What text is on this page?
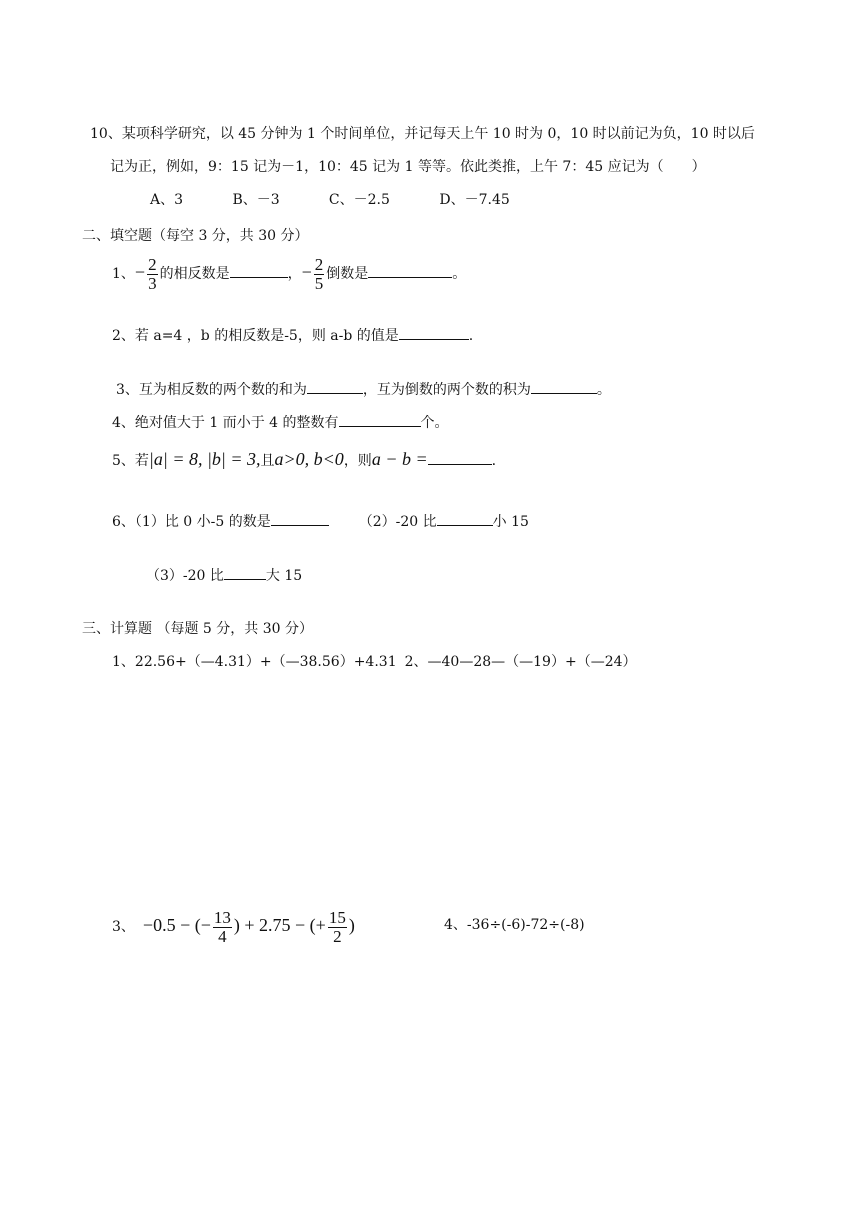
10、某项科学研究，以 45 分钟为 1 个时间单位，并记每天上午 10 时为 0，10 时以前记为负，10 时以后
记为正，例如，9：15 记为－1，10：45 记为 1 等等。依此类推，上午 7：45 应记为（　　）
A、3	B、－3	C、－2.5	D、－7.45
二、填空题（每空 3 分，共 30 分）
1、− $\frac{2}{3}$ 的相反数是	，− $\frac{2}{5}$ 倒数是	。
2、若 a=4 ，b 的相反数是-5，则 a-b 的值是	.
3、互为相反数的两个数的和为	，互为倒数的两个数的积为	。
4、绝对值大于 1 而小于 4 的整数有	个。
5、若|a| = 8, |b| = 3,且a>0, b<0，则a − b =	.
6、（1）比 0 小-5 的数是	（2）-20 比	小 15
（3）-20 比	大 15
三、计算题 （每题 5 分，共 30 分）
1、22.56+（—4.31）+（—38.56）+4.31 2、—40—28—（—19）+（—24）
3、 −0.5 − (− $\frac{13}{4}$ ) + 2.75 − (+ $\frac{15}{2}$ )	4、-36÷(-6)-72÷(-8)
